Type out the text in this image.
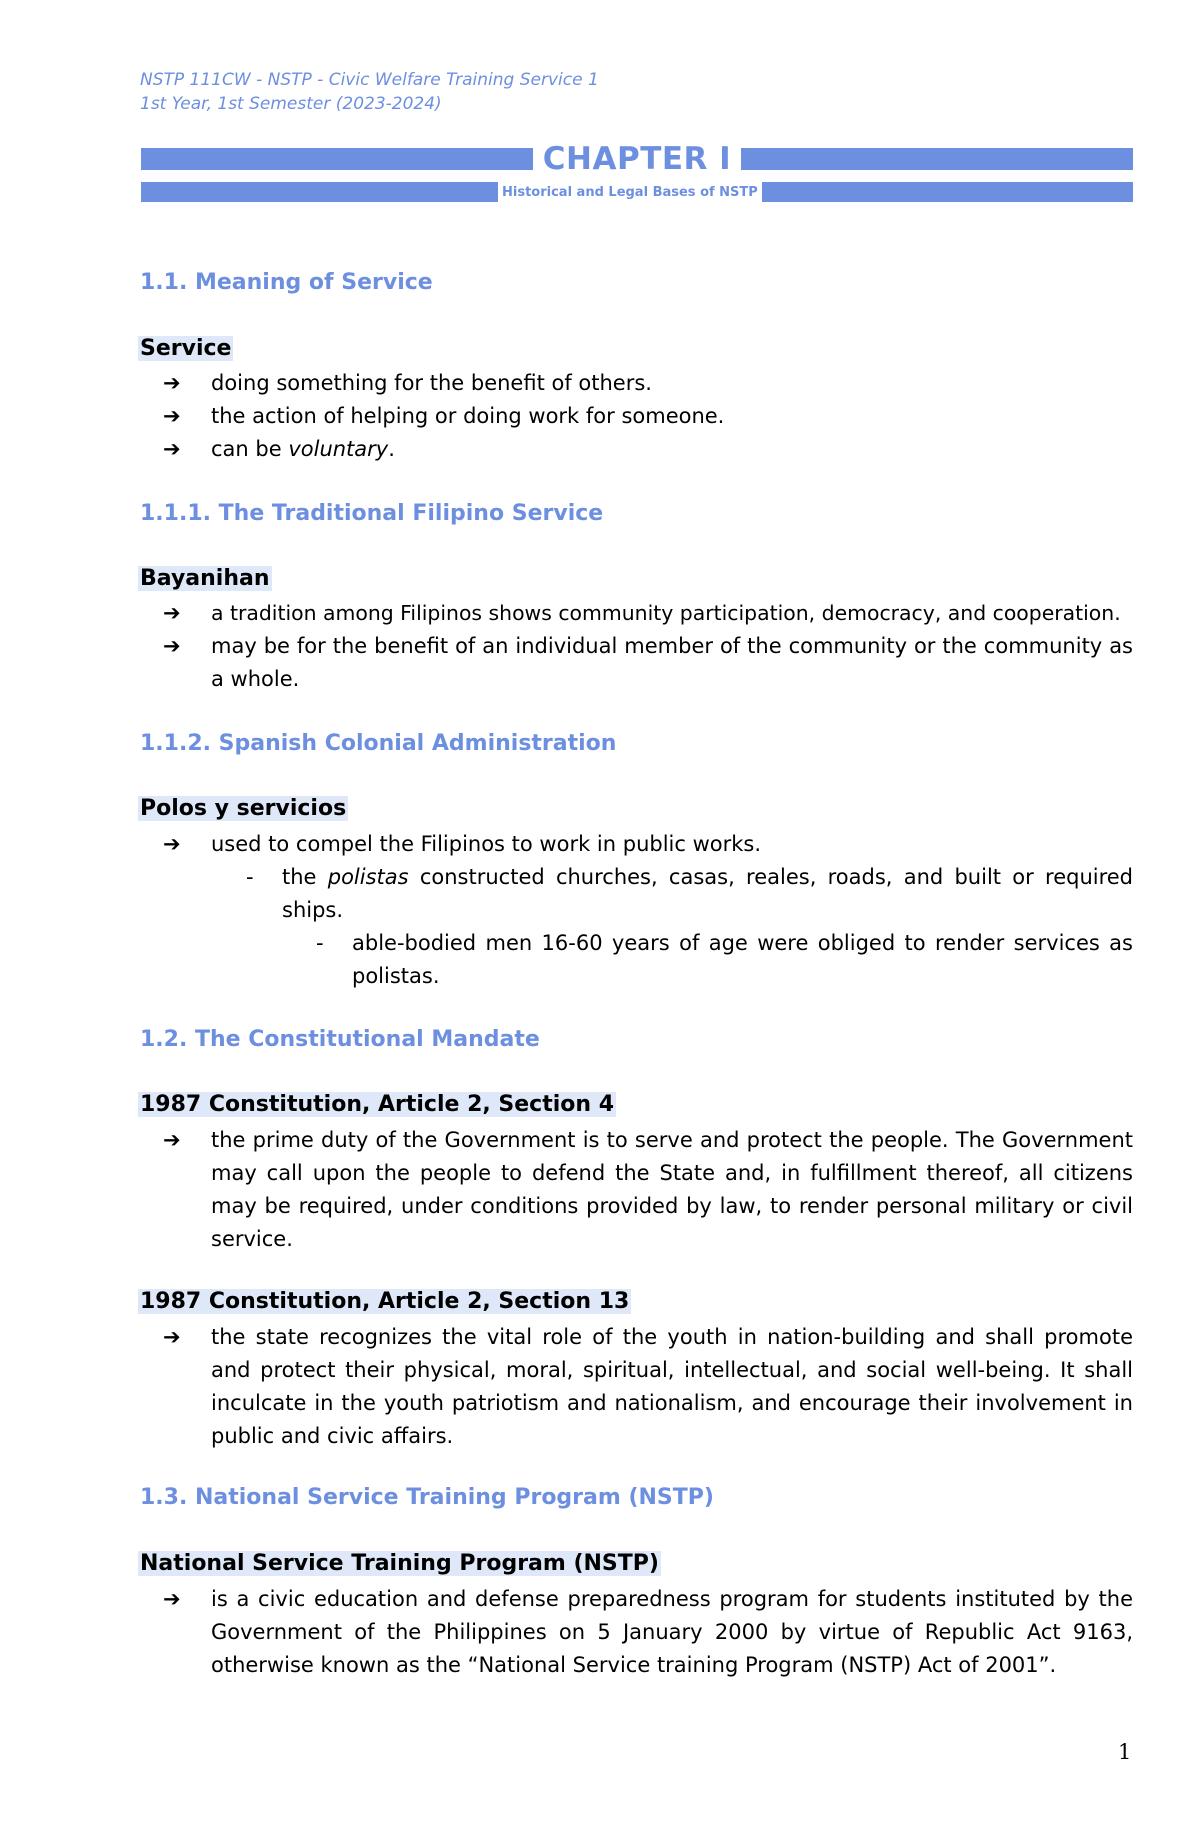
NSTP 111CW - NSTP - Civic Welfare Training Service 1
1st Year, 1st Semester (2023-2024)
CHAPTER I
Historical and Legal Bases of NSTP
1.1. Meaning of Service
Service
➔ doing something for the benefit of others.
➔ the action of helping or doing work for someone.
➔ can be voluntary.
1.1.1. The Traditional Filipino Service
Bayanihan
➔ a tradition among Filipinos shows community participation, democracy, and cooperation.
➔ may be for the benefit of an individual member of the community or the community as a whole.
1.1.2. Spanish Colonial Administration
Polos y servicios
➔ used to compel the Filipinos to work in public works.
- the polistas constructed churches, casas, reales, roads, and built or required ships.
- able-bodied men 16-60 years of age were obliged to render services as polistas.
1.2. The Constitutional Mandate
1987 Constitution, Article 2, Section 4
➔ the prime duty of the Government is to serve and protect the people. The Government may call upon the people to defend the State and, in fulfillment thereof, all citizens may be required, under conditions provided by law, to render personal military or civil service.
1987 Constitution, Article 2, Section 13
➔ the state recognizes the vital role of the youth in nation-building and shall promote and protect their physical, moral, spiritual, intellectual, and social well-being. It shall inculcate in the youth patriotism and nationalism, and encourage their involvement in public and civic affairs.
1.3. National Service Training Program (NSTP)
National Service Training Program (NSTP)
➔ is a civic education and defense preparedness program for students instituted by the Government of the Philippines on 5 January 2000 by virtue of Republic Act 9163, otherwise known as the “National Service training Program (NSTP) Act of 2001”.
1
